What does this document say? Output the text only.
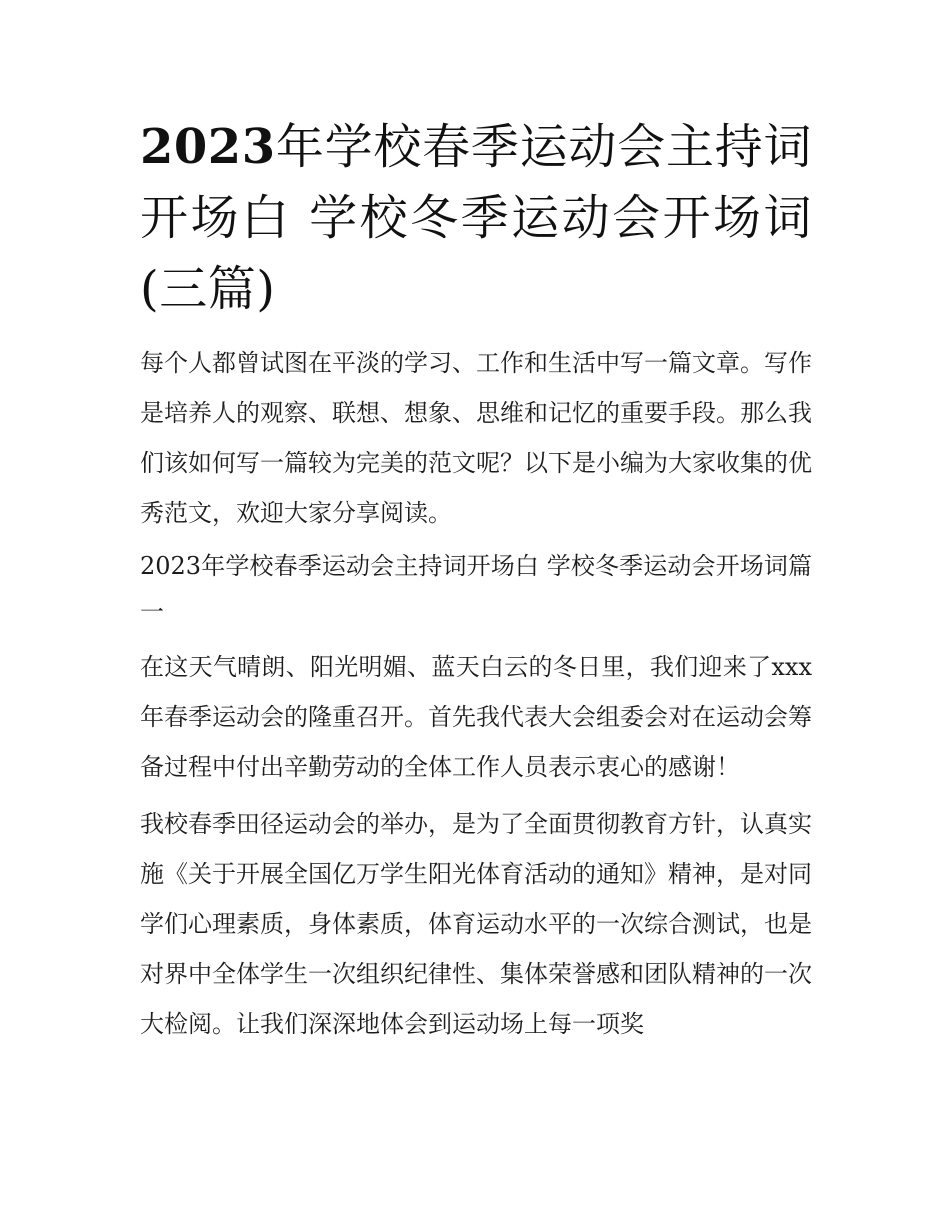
2023年学校春季运动会主持词开场白 学校冬季运动会开场词(三篇)

每个人都曾试图在平淡的学习、工作和生活中写一篇文章。写作是培养人的观察、联想、想象、思维和记忆的重要手段。那么我们该如何写一篇较为完美的范文呢？以下是小编为大家收集的优秀范文，欢迎大家分享阅读。

2023年学校春季运动会主持词开场白 学校冬季运动会开场词篇一

在这天气晴朗、阳光明媚、蓝天白云的冬日里，我们迎来了xxx年春季运动会的隆重召开。首先我代表大会组委会对在运动会筹备过程中付出辛勤劳动的全体工作人员表示衷心的感谢！

我校春季田径运动会的举办，是为了全面贯彻教育方针，认真实施《关于开展全国亿万学生阳光体育活动的通知》精神，是对同学们心理素质，身体素质，体育运动水平的一次综合测试，也是对界中全体学生一次组织纪律性、集体荣誉感和团队精神的一次大检阅。让我们深深地体会到运动场上每一项奖
